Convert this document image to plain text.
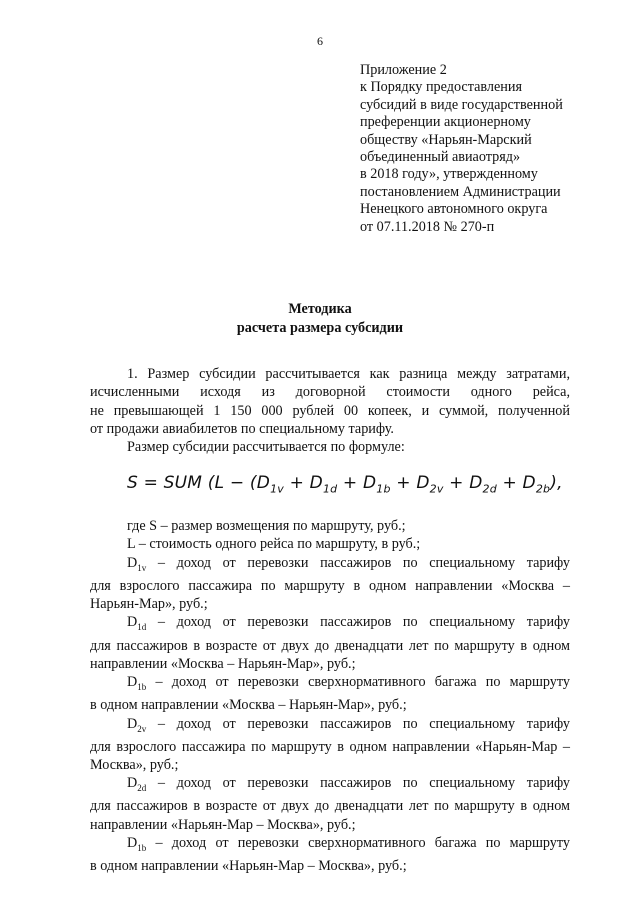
6
Приложение 2
к Порядку предоставления
субсидий в виде государственной
преференции акционерному
обществу «Нарьян-Марский
объединенный авиаотряд»
в 2018 году», утвержденному
постановлением Администрации
Ненецкого автономного округа
от 07.11.2018 № 270-п
Методика
расчета размера субсидии

1. Размер субсидии рассчитывается как разница между затратами,

исчисленными исходя из договорной стоимости одного рейса,
не превышающей 1 150 000 рублей 00 копеек, и суммой, полученной
от продажи авиабилетов по специальному тарифу.

Размер субсидии рассчитывается по формуле:

S = SUM ($L - (D_{1v} + D_{1d} + D_{1b} + D_{2v} + D_{2d} + D_{2b})$,
где S – размер возмещения по маршруту, руб.;
L – стоимость одного рейса по маршруту, в руб.;
$D_{1v}$ – доход от перевозки пассажиров по специальному тарифу
для взрослого пассажира по маршруту в одном направлении «Москва –
Нарьян-Мар», руб.;
$D_{1d}$ – доход от перевозки пассажиров по специальному тарифу
для пассажиров в возрасте от двух до двенадцати лет по маршруту в одном
направлении «Москва – Нарьян-Мар», руб.;
$D_{1b}$ – доход от перевозки сверхнормативного багажа по маршруту
в одном направлении «Москва – Нарьян-Мар», руб.;
$D_{2v}$ – доход от перевозки пассажиров по специальному тарифу
для взрослого пассажира по маршруту в одном направлении «Нарьян-Мар –
Москва», руб.;
$D_{2d}$ – доход от перевозки пассажиров по специальному тарифу
для пассажиров в возрасте от двух до двенадцати лет по маршруту в одном
направлении «Нарьян-Мар – Москва», руб.;
$D_{1b}$ – доход от перевозки сверхнормативного багажа по маршруту
в одном направлении «Нарьян-Мар – Москва», руб.;
